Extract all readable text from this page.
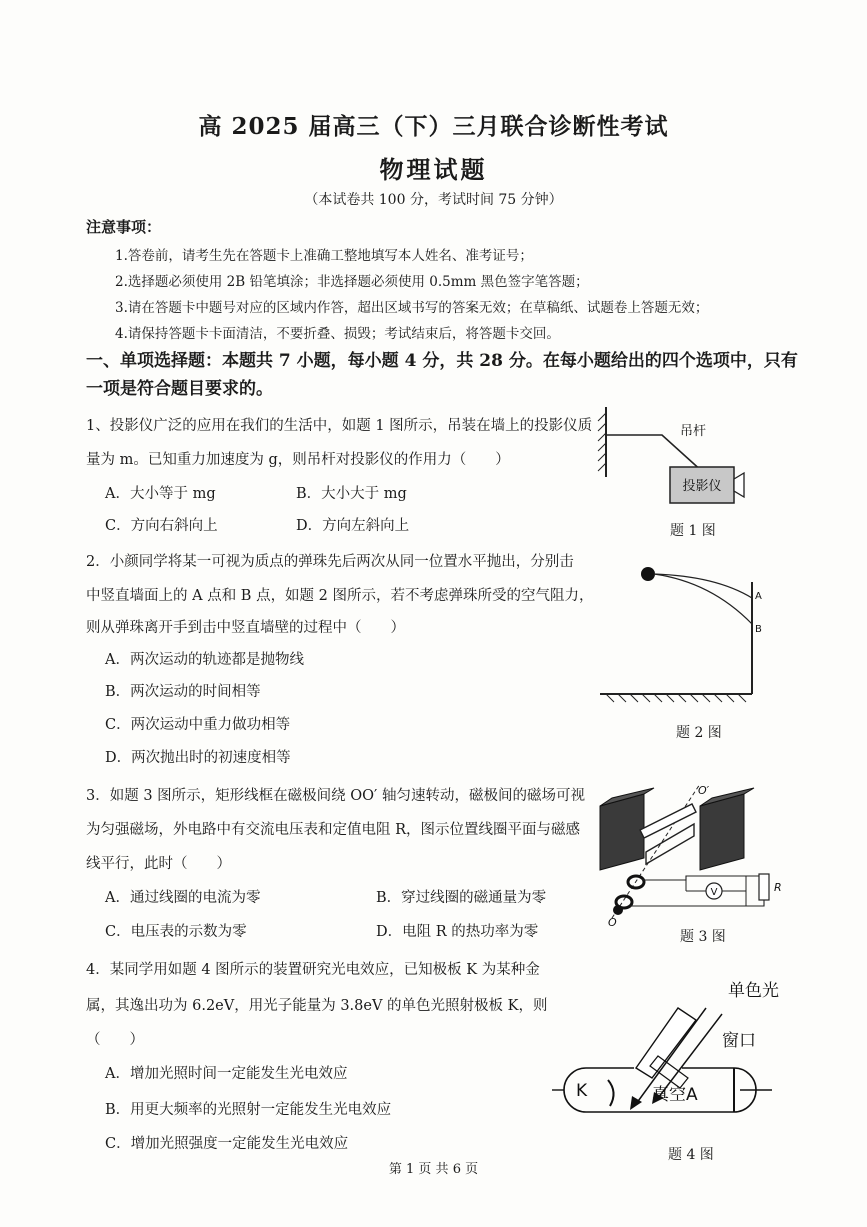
高 2025 届高三（下）三月联合诊断性考试
物理试题
（本试卷共 100 分，考试时间 75 分钟）
注意事项：
1.答卷前，请考生先在答题卡上准确工整地填写本人姓名、准考证号；
2.选择题必须使用 2B 铅笔填涂；非选择题必须使用 0.5mm 黑色签字笔答题；
3.请在答题卡中题号对应的区域内作答，超出区域书写的答案无效；在草稿纸、试题卷上答题无效；
4.请保持答题卡卡面清洁，不要折叠、损毁；考试结束后，将答题卡交回。
一、单项选择题：本题共 7 小题，每小题 4 分，共 28 分。在每小题给出的四个选项中，只有
一项是符合题目要求的。
1、投影仪广泛的应用在我们的生活中，如题 1 图所示，吊装在墙上的投影仪质
量为 m。已知重力加速度为 g，则吊杆对投影仪的作用力（　　）
A．大小等于 mg	B．大小大于 mg
C．方向右斜向上	D．方向左斜向上
吊杆
投影仪
题 1 图
2．小颜同学将某一可视为质点的弹珠先后两次从同一位置水平抛出，分别击
中竖直墙面上的 A 点和 B 点，如题 2 图所示，若不考虑弹珠所受的空气阻力，
则从弹珠离开手到击中竖直墙壁的过程中（　　）
A．两次运动的轨迹都是抛物线
B．两次运动的时间相等
C．两次运动中重力做功相等
D．两次抛出时的初速度相等
A
B
题 2 图
3．如题 3 图所示，矩形线框在磁极间绕 OO′ 轴匀速转动，磁极间的磁场可视
为匀强磁场，外电路中有交流电压表和定值电阻 R，图示位置线圈平面与磁感
线平行，此时（　　）
A．通过线圈的电流为零	B．穿过线圈的磁通量为零
C．电压表的示数为零	D．电阻 R 的热功率为零
V	R
O′
O
题 3 图
4．某同学用如题 4 图所示的装置研究光电效应，已知极板 K 为某种金
属，其逸出功为 6.2eV，用光子能量为 3.8eV 的单色光照射极板 K，则
（　　）
A．增加光照时间一定能发生光电效应
B．用更大频率的光照射一定能发生光电效应
C．增加光照强度一定能发生光电效应
单色光
窗口
K	真空A
题 4 图
第 1 页 共 6 页
